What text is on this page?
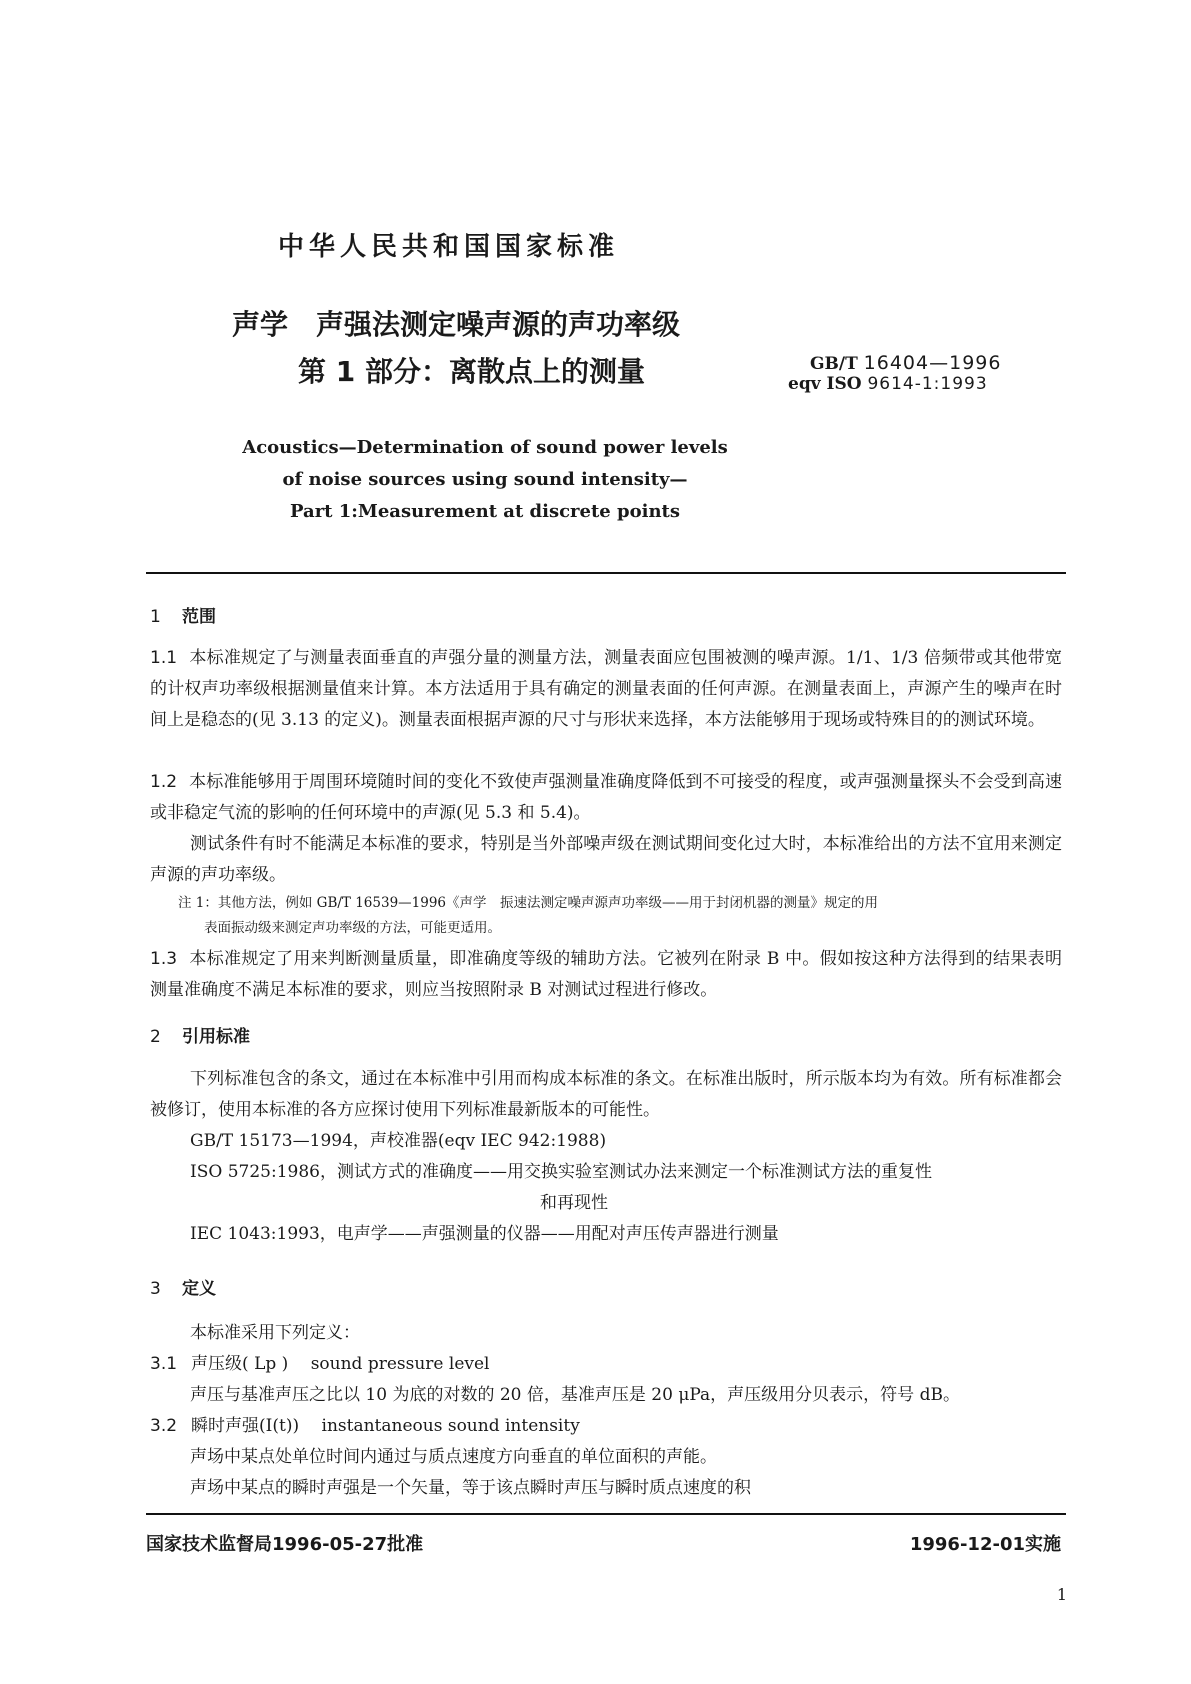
中华人民共和国国家标准
声学　声强法测定噪声源的声功率级
第 1 部分：离散点上的测量	GB/T 16404—1996
eqv ISO 9614-1:1993
Acoustics—Determination of sound power levels
of noise sources using sound intensity—
Part 1:Measurement at discrete points
1 范围
1.1 本标准规定了与测量表面垂直的声强分量的测量方法，测量表面应包围被测的噪声源。1/1、1/3 倍频带或其他带宽的计权声功率级根据测量值来计算。本方法适用于具有确定的测量表面的任何声源。在测量表面上，声源产生的噪声在时间上是稳态的(见 3.13 的定义)。测量表面根据声源的尺寸与形状来选择，本方法能够用于现场或特殊目的的测试环境。
1.2 本标准能够用于周围环境随时间的变化不致使声强测量准确度降低到不可接受的程度，或声强测量探头不会受到高速或非稳定气流的影响的任何环境中的声源(见 5.3 和 5.4)。
测试条件有时不能满足本标准的要求，特别是当外部噪声级在测试期间变化过大时，本标准给出的方法不宜用来测定声源的声功率级。
注 1：其他方法，例如 GB/T 16539—1996《声学　振速法测定噪声源声功率级——用于封闭机器的测量》规定的用
表面振动级来测定声功率级的方法，可能更适用。
1.3 本标准规定了用来判断测量质量，即准确度等级的辅助方法。它被列在附录 B 中。假如按这种方法得到的结果表明测量准确度不满足本标准的要求，则应当按照附录 B 对测试过程进行修改。
2 引用标准
下列标准包含的条文，通过在本标准中引用而构成本标准的条文。在标准出版时，所示版本均为有效。所有标准都会被修订，使用本标准的各方应探讨使用下列标准最新版本的可能性。
GB/T 15173—1994，声校准器(eqv IEC 942:1988)
ISO 5725:1986，测试方式的准确度——用交换实验室测试办法来测定一个标准测试方法的重复性
和再现性
IEC 1043:1993，电声学——声强测量的仪器——用配对声压传声器进行测量
3 定义
本标准采用下列定义：
3.1 声压级( Lp )　 sound pressure level
声压与基准声压之比以 10 为底的对数的 20 倍，基准声压是 20 μPa，声压级用分贝表示，符号 dB。
3.2 瞬时声强(I(t))　 instantaneous sound intensity
声场中某点处单位时间内通过与质点速度方向垂直的单位面积的声能。
声场中某点的瞬时声强是一个矢量，等于该点瞬时声压与瞬时质点速度的积
国家技术监督局1996-05-27批准	1996-12-01实施
1
